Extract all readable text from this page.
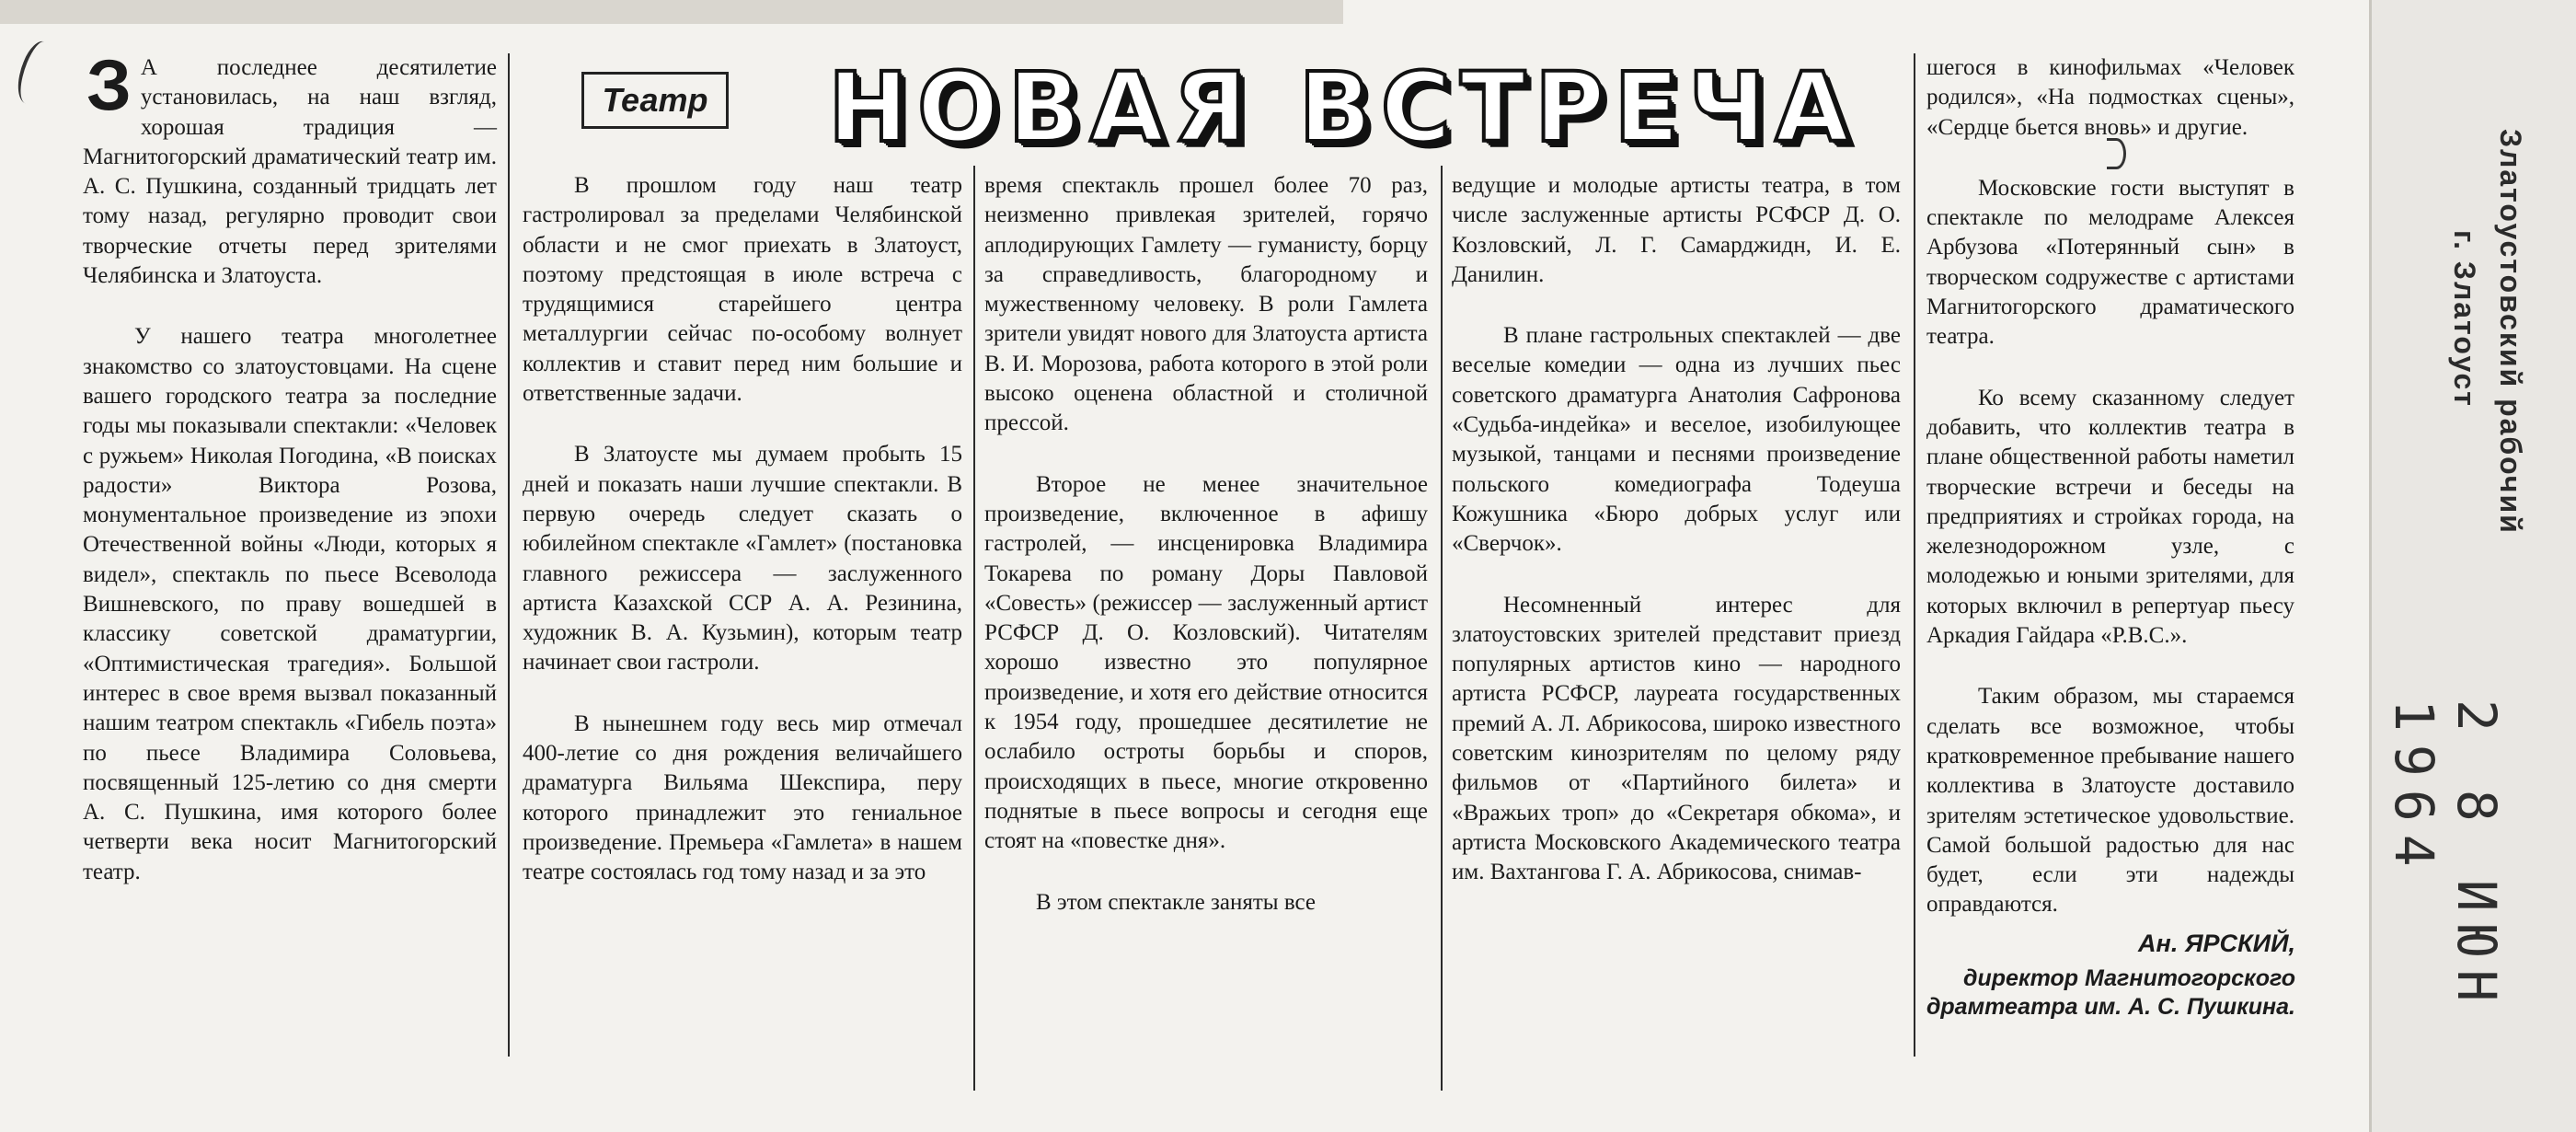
З А последнее десятилетие установилась, на наш взгляд, хорошая традиция — Магнитогорский драматический театр им. А. С. Пушкина, созданный тридцать лет тому назад, регулярно проводит свои творческие отчеты перед зрителями Челябинска и Златоуста.

У нашего театра многолетнее знакомство со златоустовцами. На сцене вашего городского театра за последние годы мы показывали спектакли: «Человек с ружьем» Николая Погодина, «В поисках радости» Виктора Розова, монументальное произведение из эпохи Отечественной войны «Люди, которых я видел», спектакль по пьесе Всеволода Вишневского, по праву вошедшей в классику советской драматургии, «Оптимистическая трагедия». Большой интерес в свое время вызвал показанный нашим театром спектакль «Гибель поэта» по пьесе Владимира Соловьева, посвященный 125-летию со дня смерти А. С. Пушкина, имя которого более четверти века носит Магнитогорский театр.

Театр НОВАЯ ВСТРЕЧА

В прошлом году наш театр гастролировал за пределами Челябинской области и не смог приехать в Златоуст, поэтому предстоящая в июле встреча с трудящимися старейшего центра металлургии сейчас по-особому волнует коллектив и ставит перед ним большие и ответственные задачи.

В Златоусте мы думаем пробыть 15 дней и показать наши лучшие спектакли. В первую очередь следует сказать о юбилейном спектакле «Гамлет» (постановка главного режиссера — заслуженного артиста Казахской ССР А. А. Резинина, художник В. А. Кузьмин), которым театр начинает свои гастроли.

В нынешнем году весь мир отмечал 400-летие со дня рождения величайшего драматурга Вильяма Шекспира, перу которого принадлежит это гениальное произведение. Премьера «Гамлета» в нашем театре состоялась год тому назад и за это

время спектакль прошел более 70 раз, неизменно привлекая зрителей, горячо аплодирующих Гамлету — гуманисту, борцу за справедливость, благородному и мужественному человеку. В роли Гамлета зрители увидят нового для Златоуста артиста В. И. Морозова, работа которого в этой роли высоко оценена областной и столичной прессой.

Второе не менее значительное произведение, включенное в афишу гастролей, — инсценировка Владимира Токарева по роману Доры Павловой «Совесть» (режиссер — заслуженный артист РСФСР Д. О. Козловский). Читателям хорошо известно это популярное произведение, и хотя его действие относится к 1954 году, прошедшее десятилетие не ослабило остроты борьбы и споров, происходящих в пьесе, многие откровенно поднятые в пьесе вопросы и сегодня еще стоят на «повестке дня».

В этом спектакле заняты все

ведущие и молодые артисты театра, в том числе заслуженные артисты РСФСР Д. О. Козловский, Л. Г. Самарджидн, И. Е. Данилин.

В плане гастрольных спектаклей — две веселые комедии — одна из лучших пьес советского драматурга Анатолия Сафронова «Судьба-индейка» и веселое, изобилующее музыкой, танцами и песнями произведение польского комедиографа Тодеуша Кожушника «Бюро добрых услуг или «Сверчок».

Несомненный интерес для златоустовских зрителей представит приезд популярных артистов кино — народного артиста РСФСР, лауреата государственных премий А. Л. Абрикосова, широко известного советским кинозрителям по целому ряду фильмов от «Партийного билета» и «Вражьих троп» до «Секретаря обкома», и артиста Московского Академического театра им. Вахтангова Г. А. Абрикосова, снимав-

шегося в кинофильмах «Человек родился», «На подмостках сцены», «Сердце бьется вновь» и другие.

Московские гости выступят в спектакле по мелодраме Алексея Арбузова «Потерянный сын» в творческом содружестве с артистами Магнитогорского драматического театра.

Ко всему сказанному следует добавить, что коллектив театра в плане общественной работы наметил творческие встречи и беседы на предприятиях и стройках города, на железнодорожном узле, с молодежью и юными зрителями, для которых включил в репертуар пьесу Аркадия Гайдара «Р.В.С.».

Таким образом, мы стараемся сделать все возможное, чтобы кратковременное пребывание нашего коллектива в Златоусте доставило зрителям эстетическое удовольствие. Самой большой радостью для нас будет, если эти надежды оправдаются.

Ан. ЯРСКИЙ,
директор Магнитогорского драмтеатра им. А. С. Пушкина.
Златоустовский рабочий
г. Златоуст
2 8 ИЮН 1964
